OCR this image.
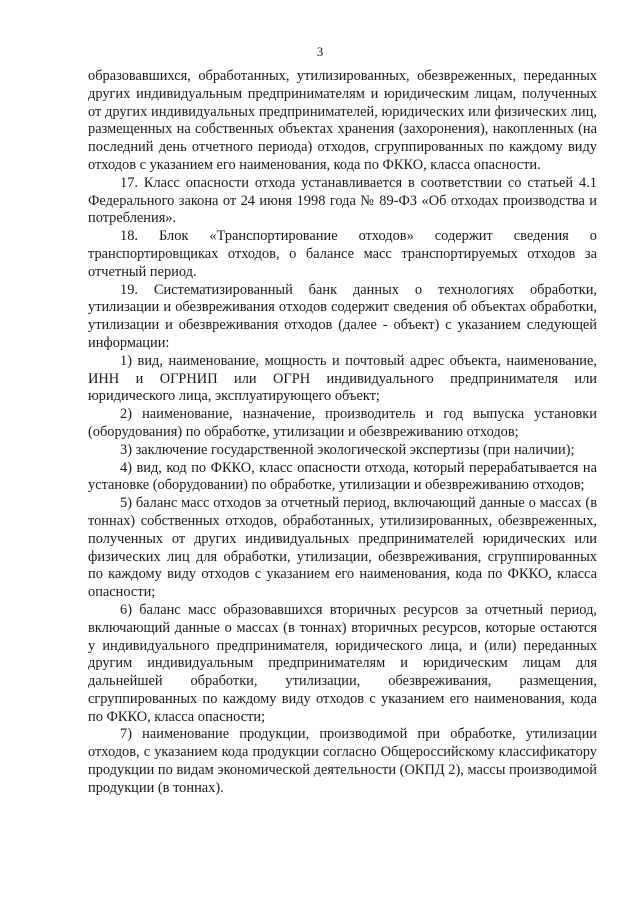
3

образовавшихся, обработанных, утилизированных, обезвреженных, переданных других индивидуальным предпринимателям и юридическим лицам, полученных от других индивидуальных предпринимателей, юридических или физических лиц, размещенных на собственных объектах хранения (захоронения), накопленных (на последний день отчетного периода) отходов, сгруппированных по каждому виду отходов с указанием его наименования, кода по ФККО, класса опасности.

17. Класс опасности отхода устанавливается в соответствии со статьей 4.1 Федерального закона от 24 июня 1998 года № 89-ФЗ «Об отходах производства и потребления».

18. Блок «Транспортирование отходов» содержит сведения о транспортировщиках отходов, о балансе масс транспортируемых отходов за отчетный период.

19. Систематизированный банк данных о технологиях обработки, утилизации и обезвреживания отходов содержит сведения об объектах обработки, утилизации и обезвреживания отходов (далее - объект) с указанием следующей информации:

1) вид, наименование, мощность и почтовый адрес объекта, наименование, ИНН и ОГРНИП или ОГРН индивидуального предпринимателя или юридического лица, эксплуатирующего объект;

2) наименование, назначение, производитель и год выпуска установки (оборудования) по обработке, утилизации и обезвреживанию отходов;

3) заключение государственной экологической экспертизы (при наличии);

4) вид, код по ФККО, класс опасности отхода, который перерабатывается на установке (оборудовании) по обработке, утилизации и обезвреживанию отходов;

5) баланс масс отходов за отчетный период, включающий данные о массах (в тоннах) собственных отходов, обработанных, утилизированных, обезвреженных, полученных от других индивидуальных предпринимателей юридических или физических лиц для обработки, утилизации, обезвреживания, сгруппированных по каждому виду отходов с указанием его наименования, кода по ФККО, класса опасности;

6) баланс масс образовавшихся вторичных ресурсов за отчетный период, включающий данные о массах (в тоннах) вторичных ресурсов, которые остаются у индивидуального предпринимателя, юридического лица, и (или) переданных другим индивидуальным предпринимателям и юридическим лицам для дальнейшей обработки, утилизации, обезвреживания, размещения, сгруппированных по каждому виду отходов с указанием его наименования, кода по ФККО, класса опасности;

7) наименование продукции, производимой при обработке, утилизации отходов, с указанием кода продукции согласно Общероссийскому классификатору продукции по видам экономической деятельности (ОКПД 2), массы производимой продукции (в тоннах).
